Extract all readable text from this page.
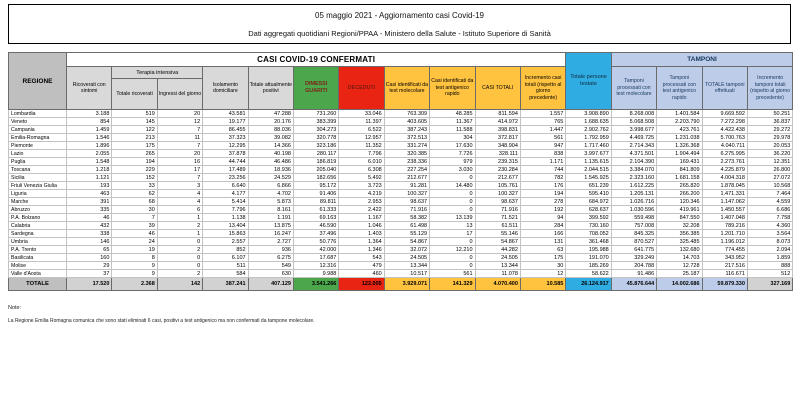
05 maggio 2021 - Aggiornamento casi Covid-19
Dati aggregati quotidiani Regioni/PPAA - Ministero della Salute - Istituto Superiore di Sanità
REGIONE	CASI COVID-19 CONFERMATI											Totale persone testate	TAMPONI			
	Ricoverati con sintomi	Terapia intensiva		Isolamento domiciliare	Totale attualmente positivi	DIMESSI GUARITI	DECEDUTI	Casi identificati da test molecolare	Casi identificati da test antigenico rapido	CASI TOTALI	Incremento casi totali (rispetto al giorno precedente)		Tamponi processati con test molecolare	Tamponi processati con test antigenico rapido	TOTALE tamponi effettuati	Incremento tamponi totali (rispetto al giorno precedente)
		Totale ricoverati	Ingressi del giorno													
Lombardia	3.188	519	20	43.581	47.288	731.260	33.046	763.309	48.285	811.594	1.557	3.908.890	8.268.008	1.401.584	9.669.592	50.251
Veneto	854	145	12	19.177	20.176	383.399	11.397	403.605	11.367	414.972	765	1.688.635	5.068.508	2.203.790	7.272.298	36.837
Campania	1.459	122	7	86.455	88.036	304.273	6.522	387.243	11.588	398.831	1.447	2.902.762	3.998.677	423.761	4.422.438	29.272
Emilia-Romagna	1.546	213	11	37.323	39.082	320.778	12.957	372.513	304	372.817	561	1.792.959	4.469.725	1.231.038	5.700.763	29.978
Piemonte	1.896	175	7	12.295	14.366	323.186	11.352	331.274	17.630	348.904	947	1.717.460	2.714.343	1.326.368	4.040.711	20.053
Lazio	2.055	265	20	37.878	40.198	280.117	7.796	320.385	7.726	328.111	838	3.997.677	4.371.501	1.904.494	6.275.995	36.220
Puglia	1.548	194	16	44.744	46.486	186.819	6.010	238.336	979	239.315	1.171	1.135.615	2.104.390	169.431	2.273.761	12.351
Toscana	1.218	229	17	17.489	18.936	205.040	6.308	227.254	3.030	230.284	744	2.044.515	3.384.070	841.809	4.225.879	26.800
Sicilia	1.121	152	7	23.256	24.529	182.656	5.492	212.677	0	212.677	782	1.545.925	2.323.160	1.681.158	4.004.318	27.072
Friuli Venezia Giulia	193	33	3	6.640	6.866	95.172	3.723	91.281	14.480	105.761	176	651.239	1.612.225	265.820	1.878.045	10.568
Liguria	463	62	4	4.177	4.702	91.406	4.219	100.327	0	100.327	194	595.410	1.205.131	266.200	1.471.331	7.464
Marche	391	68	4	5.414	5.873	89.811	2.953	98.637	0	98.637	278	684.972	1.026.716	120.346	1.147.062	4.559
Abruzzo	335	30	6	7.796	8.161	61.333	2.422	71.916	0	71.916	192	628.637	1.030.596	419.961	1.450.557	6.686
P.A. Bolzano	46	7	1	1.138	1.191	69.163	1.167	58.382	13.139	71.521	94	399.592	559.498	847.550	1.407.048	7.758
Calabria	432	39	2	13.404	13.875	46.590	1.046	61.498	13	61.511	284	730.160	757.008	32.208	789.216	4.360
Sardegna	338	46	1	15.863	16.247	37.496	1.403	55.129	17	55.146	166	708.052	845.325	356.385	1.201.710	3.564
Umbria	146	24	0	2.557	2.727	50.776	1.364	54.867	0	54.867	131	361.468	870.527	325.485	1.196.012	8.073
P.A. Trento	65	19	2	852	936	42.000	1.346	32.072	12.210	44.282	63	195.988	641.775	132.680	774.455	2.094
Basilicata	160	8	0	6.107	6.275	17.687	543	24.505	0	24.505	175	191.070	329.249	14.703	343.952	1.859
Molise	29	9	0	511	549	12.316	479	13.344	0	13.344	30	185.269	204.788	12.728	217.516	888
Valle d'Aosta	37	9	2	584	630	9.988	460	10.517	561	11.078	12	58.622	91.486	25.187	116.671	512
TOTALE	17.520	2.368	142	387.241	407.129	3.541.266	122.005	3.929.071	141.329	4.070.400	10.585	26.124.917	45.876.644	14.002.686	59.879.330	327.169
Note:
La Regione Emilia Romagna comunica che sono stati eliminati 6 casi, positivi a test antigenico ma non confermati da tampone molecolare.
